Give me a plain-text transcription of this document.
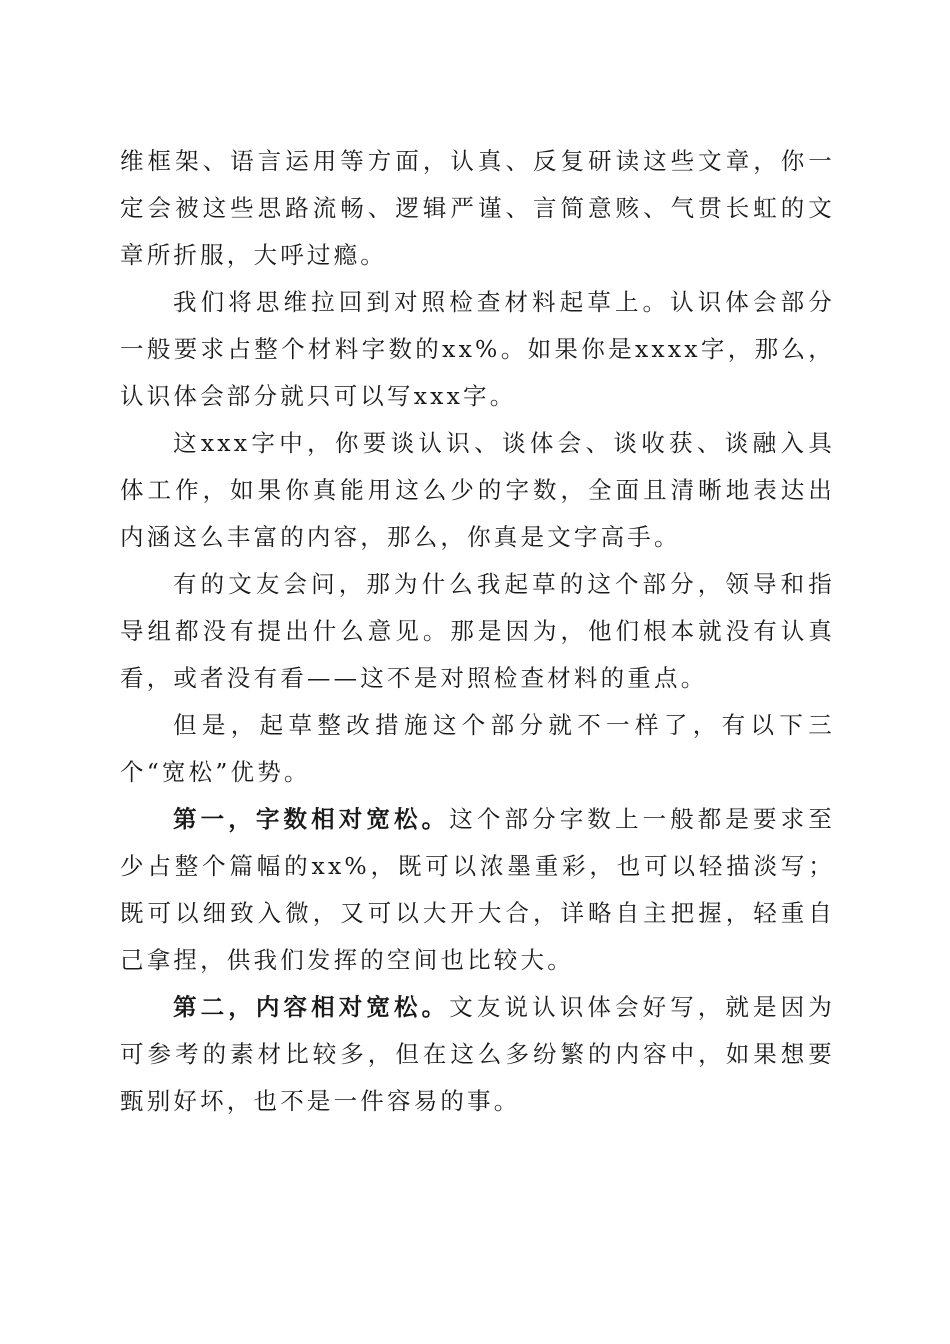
维框架、语言运用等方面，认真、反复研读这些文章，你一定会被这些思路流畅、逻辑严谨、言简意赅、气贯长虹的文章所折服，大呼过瘾。

我们将思维拉回到对照检查材料起草上。认识体会部分一般要求占整个材料字数的xx%。如果你是xxxx字，那么，认识体会部分就只可以写xxx字。

这xxx字中，你要谈认识、谈体会、谈收获、谈融入具体工作，如果你真能用这么少的字数，全面且清晰地表达出内涵这么丰富的内容，那么，你真是文字高手。

有的文友会问，那为什么我起草的这个部分，领导和指导组都没有提出什么意见。那是因为，他们根本就没有认真看，或者没有看——这不是对照检查材料的重点。

但是，起草整改措施这个部分就不一样了，有以下三个“宽松”优势。

第一，字数相对宽松。这个部分字数上一般都是要求至少占整个篇幅的xx%，既可以浓墨重彩，也可以轻描淡写；既可以细致入微，又可以大开大合，详略自主把握，轻重自己拿捏，供我们发挥的空间也比较大。

第二，内容相对宽松。文友说认识体会好写，就是因为可参考的素材比较多，但在这么多纷繁的内容中，如果想要甄别好坏，也不是一件容易的事。
